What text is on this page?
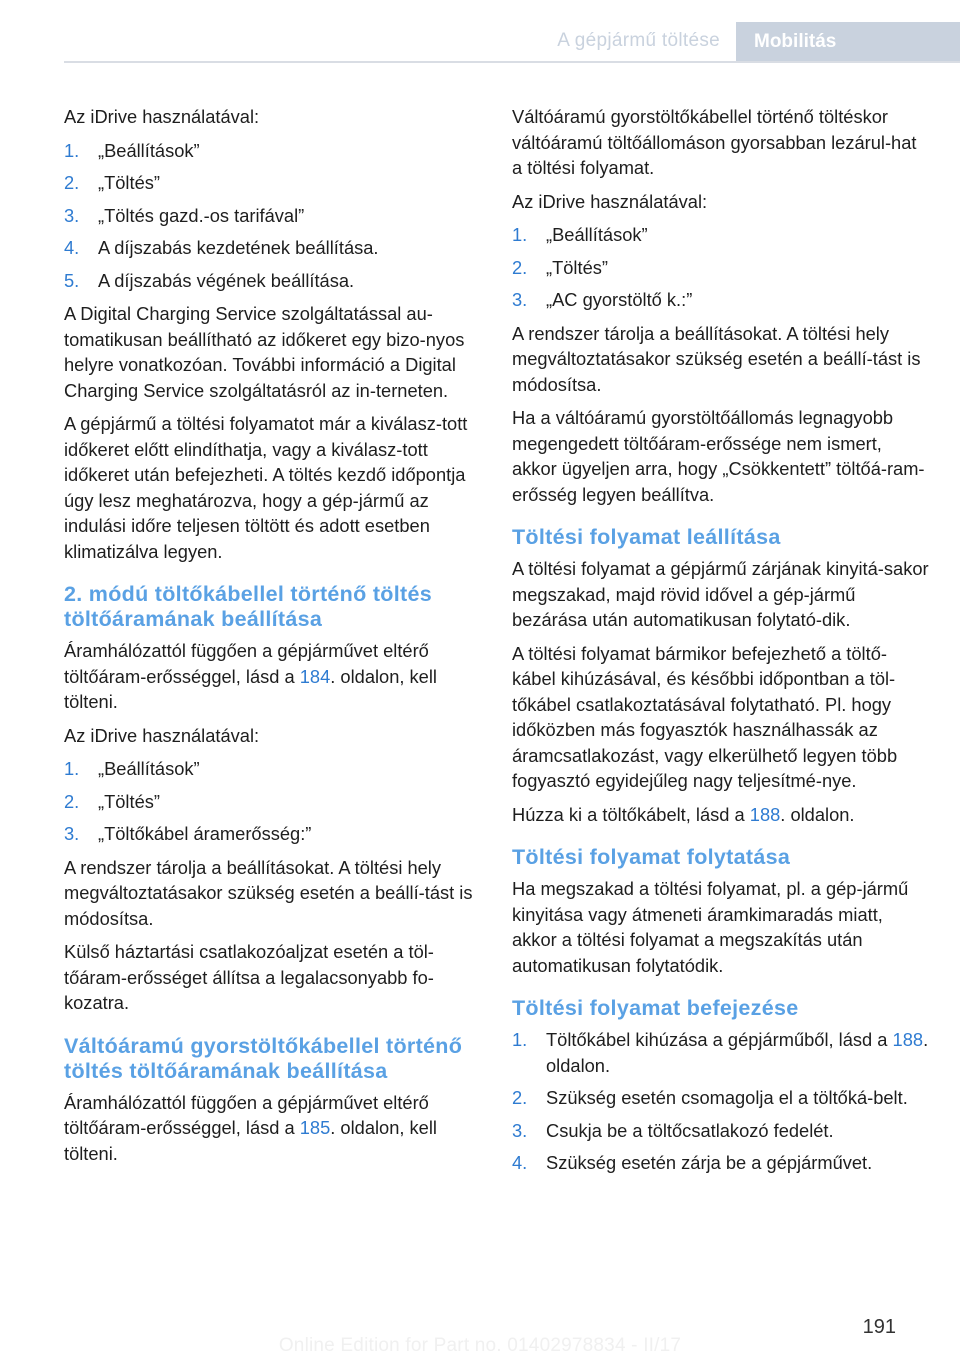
A gépjármű töltése	Mobilitás

Az iDrive használatával:

1. „Beállítások”
2. „Töltés”
3. „Töltés gazd.-os tarifával”
4. A díjszabás kezdetének beállítása.
5. A díjszabás végének beállítása.

A Digital Charging Service szolgáltatással au-tomatikusan beállítható az időkeret egy bizo-nyos helyre vonatkozóan. További információ a Digital Charging Service szolgáltatásról az in-terneten.

A gépjármű a töltési folyamatot már a kiválasz-tott időkeret előtt elindíthatja, vagy a kiválasz-tott időkeret után befejezheti. A töltés kezdő időpontja úgy lesz meghatározva, hogy a gép-jármű az indulási időre teljesen töltött és adott esetben klimatizálva legyen.

2. módú töltőkábellel történő töltés töltőáramának beállítása

Áramhálózattól függően a gépjárművet eltérő töltőáram-erősséggel, lásd a 184. oldalon, kell tölteni.

Az iDrive használatával:

1. „Beállítások”
2. „Töltés”
3. „Töltőkábel áramerősség:”

A rendszer tárolja a beállításokat. A töltési hely megváltoztatásakor szükség esetén a beállí-tást is módosítsa.

Külső háztartási csatlakozóaljzat esetén a töl-tőáram-erősséget állítsa a legalacsonyabb fo-kozatra.

Váltóáramú gyorstöltőkábellel történő töltés töltőáramának beállítása

Áramhálózattól függően a gépjárművet eltérő töltőáram-erősséggel, lásd a 185. oldalon, kell tölteni.

Váltóáramú gyorstöltőkábellel történő töltéskor váltóáramú töltőállomáson gyorsabban lezárul-hat a töltési folyamat.

Az iDrive használatával:

1. „Beállítások”
2. „Töltés”
3. „AC gyorstöltő k.:”

A rendszer tárolja a beállításokat. A töltési hely megváltoztatásakor szükség esetén a beállí-tást is módosítsa.

Ha a váltóáramú gyorstöltőállomás legnagyobb megengedett töltőáram-erőssége nem ismert, akkor ügyeljen arra, hogy „Csökkentett” töltőá-ram-erősség legyen beállítva.

Töltési folyamat leállítása

A töltési folyamat a gépjármű zárjának kinyitá-sakor megszakad, majd rövid idővel a gép-jármű bezárása után automatikusan folytató-dik.

A töltési folyamat bármikor befejezhető a töltő-kábel kihúzásával, és későbbi időpontban a töl-tőkábel csatlakoztatásával folytatható. Pl. hogy időközben más fogyasztók használhassák az áramcsatlakozást, vagy elkerülhető legyen több fogyasztó egyidejűleg nagy teljesítmé-nye.

Húzza ki a töltőkábelt, lásd a 188. oldalon.

Töltési folyamat folytatása

Ha megszakad a töltési folyamat, pl. a gép-jármű kinyitása vagy átmeneti áramkimaradás miatt, akkor a töltési folyamat a megszakítás után automatikusan folytatódik.

Töltési folyamat befejezése
1. Töltőkábel kihúzása a gépjárműből, lásd a 188. oldalon.
2. Szükség esetén csomagolja el a töltőká-belt.
3. Csukja be a töltőcsatlakozó fedelét.
4. Szükség esetén zárja be a gépjárművet.
191
Online Edition for Part no. 01402978834 - II/17
